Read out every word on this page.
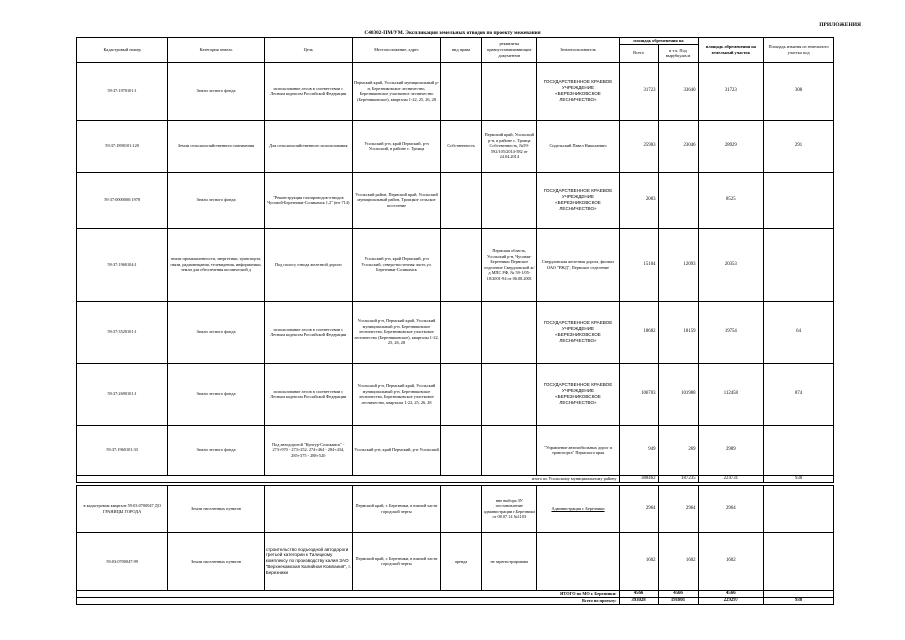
ПРИЛОЖЕНИЯ
С40302-ПМ/УМ. Экспликация земельных отводов по проекту межевания
Кадастровый номер	Категория земель	Цель	Местоположение, адрес	вид права	реквизиты правоустанавливающих документов	Землепользователь	площадь обременения на		площадь обременения на земельный участок	Площадь изъятия из земельного участка под
							Всего	в т.ч. Под вырубку,кв.м		
59:37:1970101:1	Земли лесного фонда	использование лесов в соответствии с Лесным кодексом Российской Федерации	Пермский край, Усольский муниципальный р-н, Березниковское лесничество, Березниковское участковое лесничество (Березниковское), кварталы 1-22, 25, 26, 28			ГОСУДАРСТВЕННОЕ КРАЕВОЕ УЧРЕЖДЕНИЕ «БЕРЕЗНИКОВСКОЕ ЛЕСНИЧЕСТВО»	31723	33640	31723	308
59:37:1890101:120	Земли сельскохозяйственного назначения	Для сельскохозяйственного использования	Усольский р-н, край Пермский, р-н Усольский, в районе с. Троица	Собственность	Пермский край, Усольский р-н, в районе с. Троица Собственность, №59-592/105/2014-582 от 24.04.2014	Сидельский Павел Николаевич	25983	23046	28929	291
59:37:0000000:1978	Земли лесного фонда	"Реконструкция газопроводов-отводов Чусовой-Березники-Соликамск 1,2" (ют 714)	Усольский район, Пермский край, Усольский муниципальный район, Троицкое сельское поселение			ГОСУДАРСТВЕННОЕ КРАЕВОЕ УЧРЕЖДЕНИЕ «БЕРЕЗНИКОВСКОЕ ЛЕСНИЧЕСТВО»	2083		8525	
59:37:1960104:1	земли промышленности, энергетики, транспорта, связи, радиовещания, телевидения, информатики, земли для обеспечения космической д	Под полосу отвода железной дороги	Усольский р-н, край Пермский, р-н Усольский, северо-восточная часть ул. Березники-Соликамск		Пермская область, Усольский р-н, Чусовая-Березники Пермское отделение Свердловской ж/д МПС РФ, № 59-1/05-18/2001-94 от 06.08.2001	Свердловская железная дорога, филиал ОАО "РЖД", Пермское отделение	15104	12093	20353	
59:37:3520101:1	Земли лесного фонда	использование лесов в соответствии с Лесным кодексом Российской Федерации	Усольский р-н, Пермский край, Усольский муниципальный р-н, Березниковское лесничество, Березниковское участковое лесничество (Березниковское), кварталы 1-22, 25, 26, 28			ГОСУДАРСТВЕННОЕ КРАЕВОЕ УЧРЕЖДЕНИЕ «БЕРЕЗНИКОВСКОЕ ЛЕСНИЧЕСТВО»	18682	18159	19754	64
59:37:2690101:1	Земли лесного фонда	использование лесов в соответствии с Лесным кодексом Российской Федерации	Усольский р-н, Пермский край, Усольский муниципальный р-н, Березниковское лесничество, Березниковское участковое лесничество, кварталы 1-22, 25, 26, 28			ГОСУДАРСТВЕННОЕ КРАЕВОЕ УЧРЕЖДЕНИЕ «БЕРЕЗНИКОВСКОЕ ЛЕСНИЧЕСТВО»	106703	101988	112458	874
59:37:1960101:33	Земли лесного фонда	Под автодорогой "Кунгур-Соликамск" - 273+970 - 273+252, 274+464 - 284+434, 285+375 - 288+520	Усольский р-н, край Пермский, р-н Усольский			"Управление автомобильных дорог и транспорта" Пермского края	949	269	2989	
итого по Усольскому муниципальному району							388462	187235	224731	938

в кадастровом квартале 59:03:0700047 ДО ГРАНИЦЫ ГОРОДА	Земли населенных пунктов		Пермский край, г. Березники, в южной части городской черты		вне выбора ЗУ постановление администрации г.Березники от 08.07.14 №1103	Администрация г. Березники	2964	2964	2964	
59:03:0700047:99	Земли населенных пунктов	строительство подъездной автодороги третьей категории к Талицкому комплексу по производству калия ЗАО "Верхнекамская Калийная Компания", г. Березники	Пермский край, г. Березники, в южной части городской черты	аренда	не зарегистрирована		1602	1602	1602	
ИТОГО по МО г. Березники:							4566	4566	4566	
Всего по проекту:							393028	191801	229297	938
